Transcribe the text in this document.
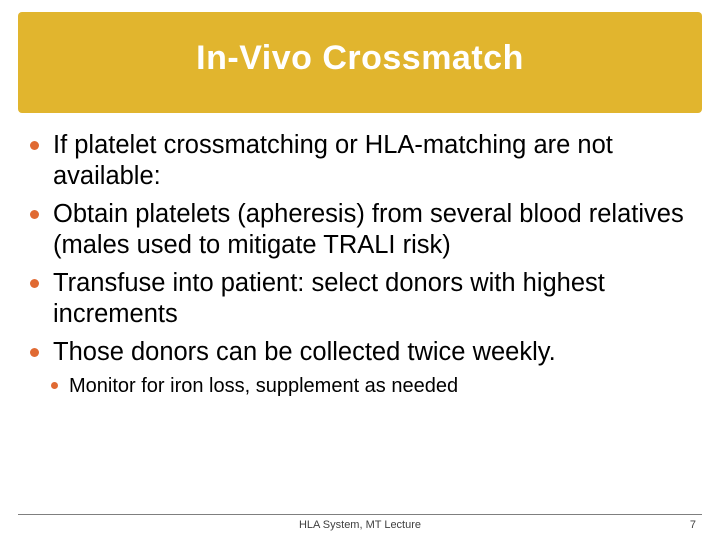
In-Vivo Crossmatch
If platelet crossmatching or HLA-matching are not available:
Obtain platelets (apheresis) from several blood relatives (males used to mitigate TRALI risk)
Transfuse into patient: select donors with highest increments
Those donors can be collected twice weekly.
Monitor for iron loss, supplement as needed
HLA System, MT Lecture	7
